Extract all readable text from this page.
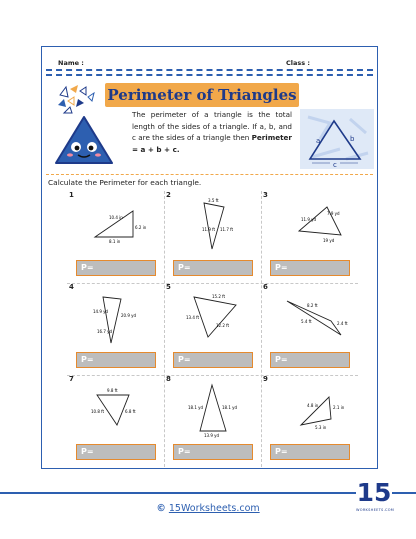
Name :	Class :
Perimeter of Triangles
The perimeter of a triangle is the total length of the sides of a triangle. If a, b, and c are the sides of a triangle then Perimeter = a + b + c.
a	b
c
Calculate the Perimeter for each triangle.
1
10.4 in
6.2 in
8.1 in
P=
2
3.5 ft
11.9 ft 11.7 ft
P=
3
7.9 yd
19 yd
11.9 yd
P=
4
14.9 yd
20.9 yd
16.7 yd
P=
5
15.2 ft
13.4 ft
12.2 ft
P=
6
8.2 ft
5.4 ft	2.4 ft
P=
7
9.8 ft
10.8 ft	6.8 ft
P=
8
18.1 yd	18.1 yd
13.9 yd
P=
9
4.8 in	2.1 in
5.3 in
P=
© 15Worksheets.com
15
WORKSHEETS.COM
